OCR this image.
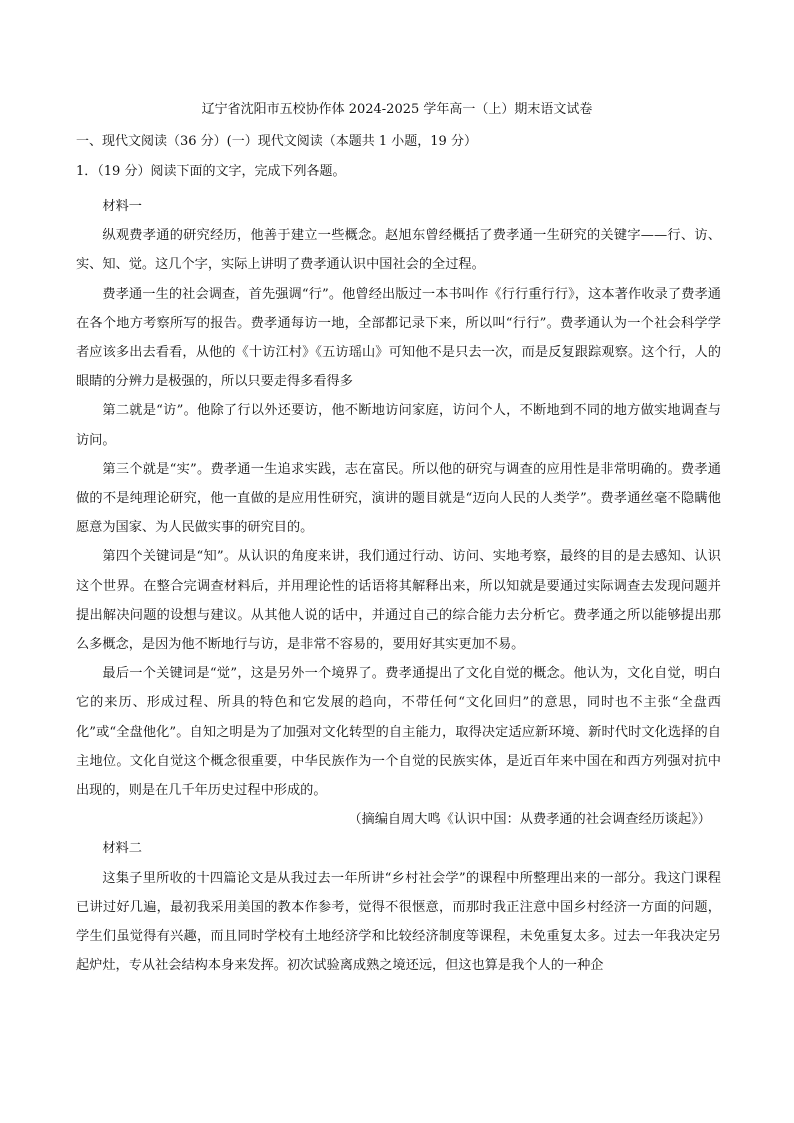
辽宁省沈阳市五校协作体 2024-2025 学年高一（上）期末语文试卷
一、现代文阅读（36 分）(一）现代文阅读（本题共 1 小题，19 分）
1．（19 分）阅读下面的文字，完成下列各题。

材料一

纵观费孝通的研究经历，他善于建立一些概念。赵旭东曾经概括了费孝通一生研究的关键字——行、访、实、知、觉。这几个字，实际上讲明了费孝通认识中国社会的全过程。

费孝通一生的社会调查，首先强调“行”。他曾经出版过一本书叫作《行行重行行》，这本著作收录了费孝通在各个地方考察所写的报告。费孝通每访一地，全部都记录下来，所以叫“行行”。费孝通认为一个社会科学学者应该多出去看看，从他的《十访江村》《五访瑶山》可知他不是只去一次，而是反复跟踪观察。这个行，人的眼睛的分辨力是极强的，所以只要走得多看得多

第二就是“访”。他除了行以外还要访，他不断地访问家庭，访问个人，不断地到不同的地方做实地调查与访问。

第三个就是“实”。费孝通一生追求实践，志在富民。所以他的研究与调查的应用性是非常明确的。费孝通做的不是纯理论研究，他一直做的是应用性研究，演讲的题目就是“迈向人民的人类学”。费孝通丝毫不隐瞒他愿意为国家、为人民做实事的研究目的。

第四个关键词是“知”。从认识的角度来讲，我们通过行动、访问、实地考察，最终的目的是去感知、认识这个世界。在整合完调查材料后，并用理论性的话语将其解释出来，所以知就是要通过实际调查去发现问题并提出解决问题的设想与建议。从其他人说的话中，并通过自己的综合能力去分析它。费孝通之所以能够提出那么多概念，是因为他不断地行与访，是非常不容易的，要用好其实更加不易。

最后一个关键词是“觉”，这是另外一个境界了。费孝通提出了文化自觉的概念。他认为，文化自觉，明白它的来历、形成过程、所具的特色和它发展的趋向，不带任何“文化回归”的意思，同时也不主张“全盘西化”或“全盘他化”。自知之明是为了加强对文化转型的自主能力，取得决定适应新环境、新时代时文化选择的自主地位。文化自觉这个概念很重要，中华民族作为一个自觉的民族实体，是近百年来中国在和西方列强对抗中出现的，则是在几千年历史过程中形成的。

（摘编自周大鸣《认识中国：从费孝通的社会调查经历谈起》）

材料二

这集子里所收的十四篇论文是从我过去一年所讲“乡村社会学”的课程中所整理出来的一部分。我这门课程已讲过好几遍，最初我采用美国的教本作参考，觉得不很惬意，而那时我正注意中国乡村经济一方面的问题，学生们虽觉得有兴趣，而且同时学校有土地经济学和比较经济制度等课程，未免重复太多。过去一年我决定另起炉灶，专从社会结构本身来发挥。初次试验离成熟之境还远，但这也算是我个人的一种企
